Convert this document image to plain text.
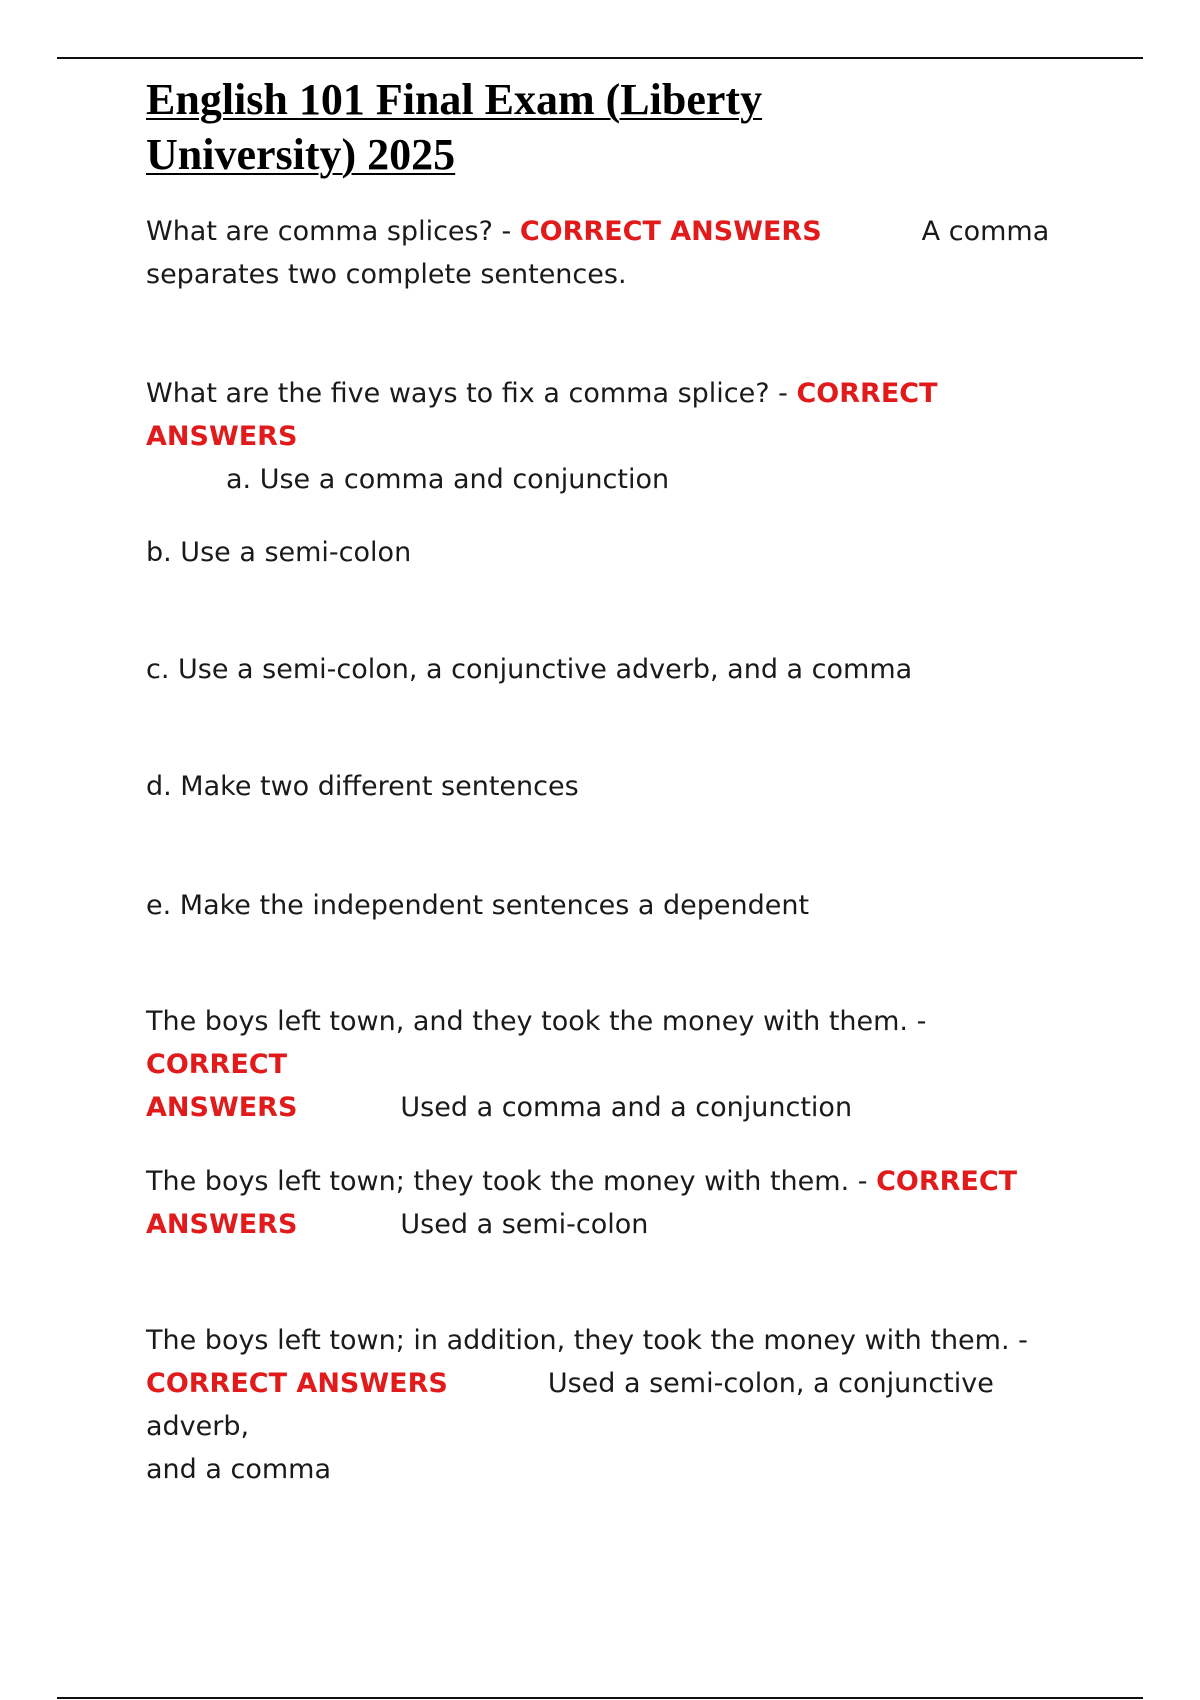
English 101 Final Exam (Liberty
University) 2025

What are comma splices? - CORRECT ANSWERS	A comma
separates two complete sentences.

What are the five ways to fix a comma splice? - CORRECT ANSWERS
a. Use a comma and conjunction

b. Use a semi-colon

c. Use a semi-colon, a conjunctive adverb, and a comma

d. Make two different sentences

e. Make the independent sentences a dependent

The boys left town, and they took the money with them. - CORRECT
ANSWERS	Used a comma and a conjunction

The boys left town; they took the money with them. - CORRECT
ANSWERS	Used a semi-colon

The boys left town; in addition, they took the money with them. -
CORRECT ANSWERS	Used a semi-colon, a conjunctive adverb,
and a comma
